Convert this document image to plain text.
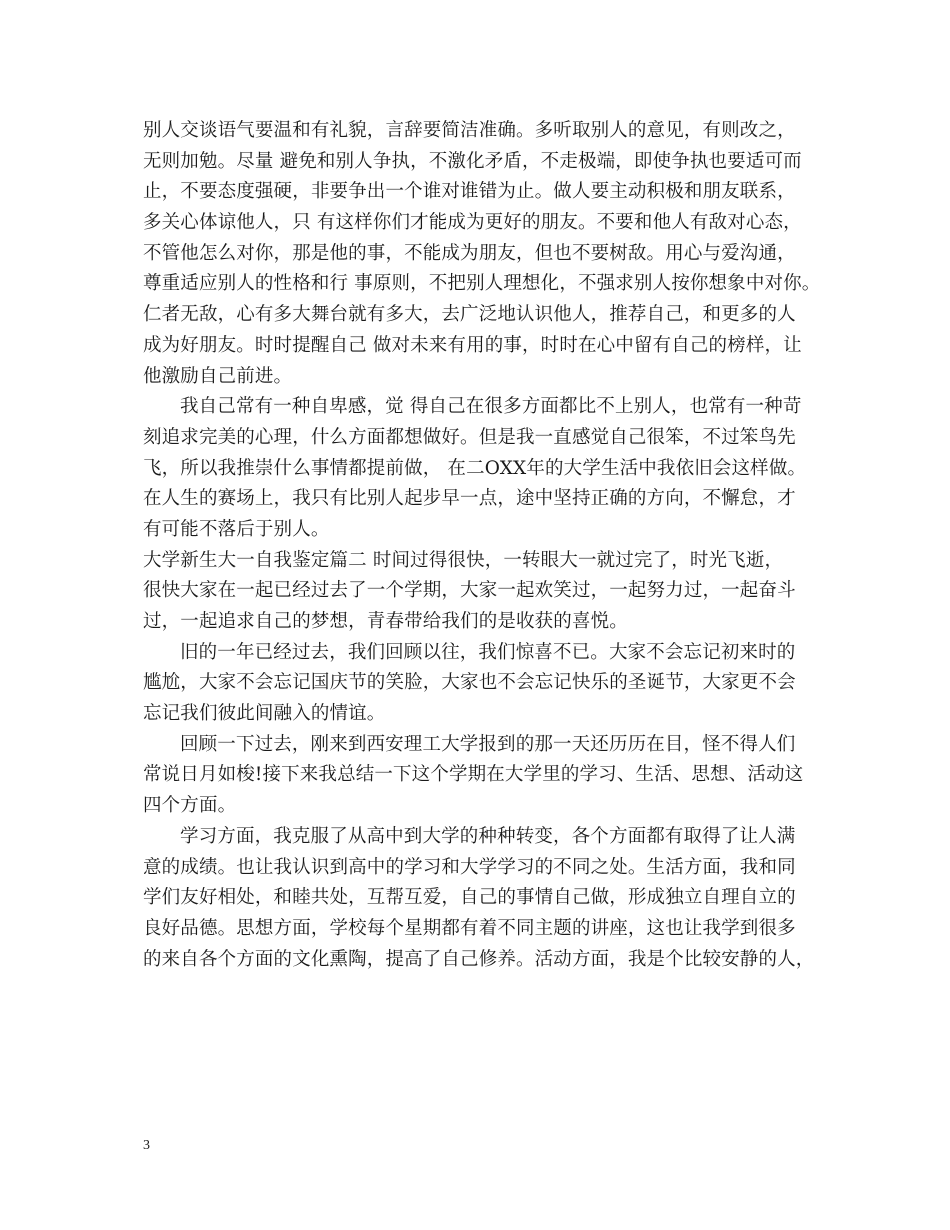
别人交谈语气要温和有礼貌，言辞要简洁准确。多听取别人的意见，有则改之，
无则加勉。尽量 避免和别人争执，不激化矛盾，不走极端，即使争执也要适可而
止，不要态度强硬，非要争出一个谁对谁错为止。做人要主动积极和朋友联系，
多关心体谅他人，只 有这样你们才能成为更好的朋友。不要和他人有敌对心态，
不管他怎么对你，那是他的事，不能成为朋友，但也不要树敌。用心与爱沟通，
尊重适应别人的性格和行 事原则，不把别人理想化，不强求别人按你想象中对你。
仁者无敌，心有多大舞台就有多大，去广泛地认识他人，推荐自己，和更多的人
成为好朋友。时时提醒自己 做对未来有用的事，时时在心中留有自己的榜样，让
他激励自己前进。
我自己常有一种自卑感，觉 得自己在很多方面都比不上别人，也常有一种苛
刻追求完美的心理，什么方面都想做好。但是我一直感觉自己很笨，不过笨鸟先
飞，所以我推崇什么事情都提前做， 在二OXX年的大学生活中我依旧会这样做。
在人生的赛场上，我只有比别人起步早一点，途中坚持正确的方向，不懈怠，才
有可能不落后于别人。
大学新生大一自我鉴定篇二 时间过得很快，一转眼大一就过完了，时光飞逝，
很快大家在一起已经过去了一个学期，大家一起欢笑过，一起努力过，一起奋斗
过，一起追求自己的梦想，青春带给我们的是收获的喜悦。
旧的一年已经过去，我们回顾以往，我们惊喜不已。大家不会忘记初来时的
尴尬，大家不会忘记国庆节的笑脸，大家也不会忘记快乐的圣诞节，大家更不会
忘记我们彼此间融入的情谊。
回顾一下过去，刚来到西安理工大学报到的那一天还历历在目，怪不得人们
常说日月如梭!接下来我总结一下这个学期在大学里的学习、生活、思想、活动这
四个方面。
学习方面，我克服了从高中到大学的种种转变，各个方面都有取得了让人满
意的成绩。也让我认识到高中的学习和大学学习的不同之处。生活方面，我和同
学们友好相处，和睦共处，互帮互爱，自己的事情自己做，形成独立自理自立的
良好品德。思想方面，学校每个星期都有着不同主题的讲座，这也让我学到很多
的来自各个方面的文化熏陶，提高了自己修养。活动方面，我是个比较安静的人，
3
